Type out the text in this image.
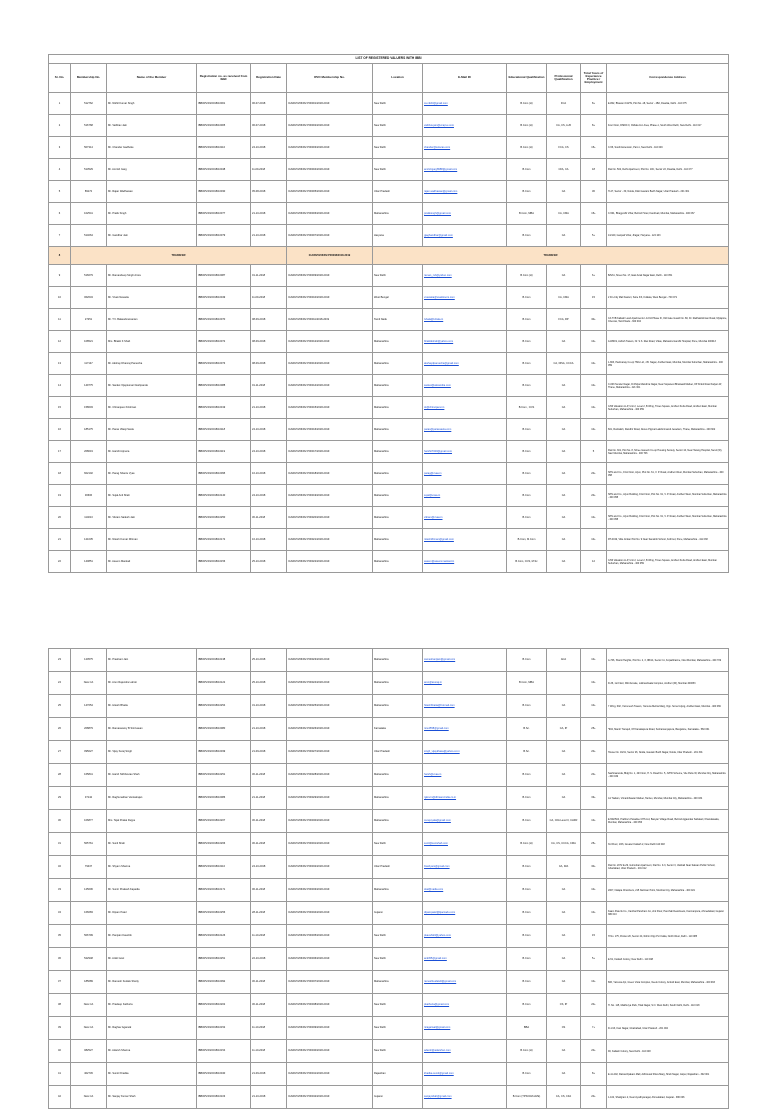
LIST OF REGISTERED VALUERS WITH IBBI											
Sr. No.	Membership No.	Name of the Member	Registration no. as received from IBBI	Registration Date	RVO Membership No.	Location	E-Mail ID	Educational Qualification	Professional Qualification	Total Years of Experience Practice / Employment	Correspondence Address
1	512762	Mr. Nikhil Kumar Singh	IBBI/RV/03/2018/10001	06-07-2018	ICAIRVO/06/RV-P00001/2018-2019	New Delhi	ca.nikhil@gmail.com	B.Com (H)	FCA	8+	E-802, Bhavani CGHS, Plot No.-18, Sector - 4B2, Dwarka, Delhi - 110 075
2	516768	Mr. Vaibhav Jain	IBBI/RV/03/2018/10005	06-07-2018	ICAIRVO/06/RV-P00002/2018-2019	New Delhi	vaibhav.jain@vcapvu.com	B.Com (H)	CA, CS, LLB	8+	Four Floor, DSIDC F, Okhala Ind. Area, Phase-1, South West Delhi, New Delhi - 110 017
3	507314	Mr. Chander Gadhoke	IBBI/RV/03/2018/10110	24-10-2018	ICAIRVO/06/RV-P00003/2018-2019	New Delhi	chander@sxiscas.com	B.Com (H)	FCA, CS	15+	C-56, South Extension, Part-1, New Delhi - 110 049
4	513529	Mr. Amrish Garg	IBBI/RV/03/2018/10048	11-09-2018	ICAIRVO/06/RV-P00004/2018-2019	New Delhi	amrishgarg8988@gmail.com	B.Com	CFA, CA	18	Flat No. 502, Delhi Apartment, Plot No. 10C, Sector 22, Dwarka, Delhi - 110 077
5	89172	Mr. Rajan Wadhawan	IBBI/RV/03/2018/10030	05-08-2018	ICAIRVO/06/RV-P00005/2018-2019	Uttar Pradesh	rajan.wadhawan@gmail.com	B.Com	CA	30	H-47, Sector - 30, Noida, Distt Gautam Budh Nagar, Uttar Pradesh - 201 301
6	102541	Mr. Pratik Singh	IBBI/RV/03/2018/10077	21-10-2018	ICAIRVO/06/RV-P00006/2018-2019	Maharashtra	pratiksingh@gmail.com	B.Com, MBA	CA, CMA	15+	C-501, Bhagyodhi Vihar, Behind Hotel, Kandivali, Mumbai, Maharashtra - 400 067
7	514064	Mr. Gandhar Jain	IBBI/RV/03/2018/10079	21-10-2018	ICAIRVO/06/RV-P00007/2018-2019	Haryana	gjaghandhar@gmail.com	B.Com	CA	5+	1/2120, Ganpati Vihar, Jhajjar, Haryana - 124 103
8	TRANSFER				ICAIRVO/06/RV-P00008/2018-2019	TRANSFER					
9	516679	Mr. Ramandeep Singh Arora	IBBI/RV/03/2018/10087	01-11-2018	ICAIRVO/06/RV-P00009/2018-2019	New Delhi	raman_rsb@yahoo.com	B.Com (H)	CA	6+	B/6/11, Street No. 17, East Azad Nagar East, Delhi - 110 051
10	062634	Mr. Vivek Newatia	IBBI/RV/03/2018/10049	11-09-2018	ICAIRVO/06/RV-P00010/2018-2019	West Bengal	vnewatia@vsadvisors.com	B.Com	CA, CMA	15	2 Fin-City Mall Kasturi, Suite 3/3, Kolkata, West Bengal - 700 071
11	27251	Mr. T.V. Balasubramanian	IBBI/RV/03/2018/10070	08-09-2018	ICAIRVO/06/RV-P00011/2018-2019	Tamil Nadu	tvbala@tvbala.in	B.Com	FCA, RP	30+	CA TVB Kailash Land Apartments I-G Fld Phase III, Old Gate Guard No. 80, Dr. Radhakrishnan Road, Mylapore, Chennai, Tamil Nadu - 600 004
12	108521	Mrs. Bhakti K Shah	IBBI/RV/03/2018/10072	08-09-2018	ICAIRVO/06/RV-P00012/2018-2019	Maharashtra	bhaktikshah@yahoo.com	B.Com	CA	10+	1A/8019, Ashish Towers, Nr. S.S. Rao Road, Vikas, Mahavira Gandhi Hospital, Pune, Mumbai 400013
13	117147	Mr. Akshay Dhanraj Pamecha	IBBI/RV/03/2018/10073	08-09-2018	ICAIRVO/06/RV-P00013/2018-2019	Maharashtra	akshaydpamecha@gmail.com	B.Com	CA, DISA, CCCA	10+	1-803, Padmanay Co-op HSG Ltd, J.B. Nagar, Andheri East, Mumbai, Mumbai Suburban, Maharashtra - 400 059
14	149775	Mr. Sanket Vijaykumar Deshpande	IBBI/RV/03/2018/10088	01-11-2018	ICAIRVO/06/RV-P00014/2018-2019	Maharashtra	sanket@akcaindia.com	B.Com	CA	10+	C-603 Sunder Nagar, D'Ahilya Mandirra Nagar, Near Sopanest Bhatwadi Market, Off Kirkol Road Kalyan W, Thane, Maharashtra - 421 301
15	158603	Mr. Chiranjeevi Krishnan	IBBI/RV/03/2018/10019	21-10-2018	ICAIRVO/06/RV-P00015/2018-2019	Maharashtra	ck@chiranjeevi.in	B.Com , CCS	CA	10+	C/96 Valuation LLP, Unit 2, Level 2, B Wing, Times Square, Andheri Kurla Road, Andheri East, Mumbai Suburban, Maharashtra - 400 059
16	185175	Mr. Paras Vilasji Savla	IBBI/RV/03/2018/10118	24-10-2018	ICAIRVO/06/RV-P00016/2018-2019	Maharashtra	paras@parassavla.com	B.Com	CA	10+	601, Rudraksh, Randhir Road, Above Pigmal Lakshminandi Jewellers, Thane, Maharashtra - 400 602
17	208019	Mr. Harshit Ajmera	IBBI/RV/03/2018/10119	24-10-2018	ICAIRVO/06/RV-P00017/2018-2019	Maharashtra	harshit7020@gmail.com	B.Com	CA	5	Flat No. 301, Plot No. 8, Shree Ganesh Co-op Housing Society, Sector 10, Near Tarang Hospital, Nerul (W), Navi Mumbai, Maharashtra - 400 706
18	602102	Mr. Parag Shantu Vyas	IBBI/RV/03/2018/10095	16-10-2018	ICAIRVO/06/RV-P00018/2018-2019	Maharashtra	parag@vvaa.in	B.Com	CA	20+	SPN and Co., First Floor, Arjun, Plot No. 61, V. P. Road, Andheri West, Mumbai Suburban, Maharashtra - 400 058
19	30606	Mr. Sujal Anil Shah	IBBI/RV/03/2018/10140	24-10-2018	ICAIRVO/06/RV-P00019/2018-2019	Maharashtra	sujal@vvaa.in	B.Com	CA	20+	SPN and Co., Arjun Building, First Floor, Plot No. 61, V. P. Road, Andheri West, Mumbai Suburban, Maharashtra - 400 058
20	114013	Mr. Vikram Sailesh Jain	IBBI/RV/03/2018/10250	30-11-2018	ICAIRVO/06/RV-P00020/2018-2019	Maharashtra	vikram@vvaa.in	B.Com	CA	10+	SPN and Co., Arjun Building, First Floor, Plot No. 61, V. P. Road, Andheri West, Mumbai Suburban, Maharashtra - 400 058
21	121035	Mr. Nitesh Kumar Dhiman	IBBI/RV/03/2018/10172	16-10-2018	ICAIRVO/06/RV-P00021/2018-2019	Maharashtra	niteshdhiman@gmail.com	B.Com, M.Com	CA	10+	RT-0019, Villa Jordan Plot No. 9 Near Sanskriti School, Kothrud, Pune, Maharashtra - 411 038
22	140851	Mr. Aseem Mankad	IBBI/RV/03/2018/10156	25-10-2018	ICAIRVO/06/RV-P00022/2018-2019	Maharashtra	aseem@aseemmankad.in	B.Com, CCS, M.Sc	CA	12	C/96 Valuation LLP, Unit 2, Level 2, B Wing, Times Square, Andheri Kurla Road, Andheri East, Mumbai Suburban, Maharashtra - 400 059
23	120575	Mr. Prashant Jain	IBBI/RV/03/2018/10138	25-10-2018	ICAIRVO/06/RV-P00023/2018-2019	Maharashtra	cameshantjain@gmail.com	B.Com	ACA	10+	A-706, Shanti Heights, Plot No. 2, 3, 9B/14, Sector 11, Koparkhairne, Navi Mumbai, Maharashtra - 400 709
24	New CA	Mr. Arun Rajendra Lahoti	IBBI/RV/03/2018/10122	25-10-2018	ICAIRVO/06/RV-P00024/2018-2019	Maharashtra	arun@arunaj.in	B.Com, MBA		10+	D-36, 1st Floor, Mitti Arcade, Lokhandwala Complex, Andheri (W), Mumbai 400053
25	147654	Mr. Hitesh Bhatia	IBBI/RV/03/2018/10254	31-10-2018	ICAIRVO/06/RV-P00025/2018-2019	Maharashtra	hiteshbhatia@hotmail.com	B.Com	CA	10+	7 Wing, 602, Yamunesh Towers, Yamuna Mehta Marg, Opp. Sona Udyog, Andheri East, Mumbai - 400 069
26	208879	Mr. Ramaswamy B Srinivasan	IBBI/RV/03/2018/10080	21-10-2018	ICAIRVO/06/RV-P00026/2018-2019	Karnataka	rsre4558@gmail.com	B.Sc.	CA, IP	25+	*902, Mantri Tranquil, Off Kanakapura Road, Subramanyapura, Bangalore, Karnataka - 560 061
27	095627	Mr. Vijay Suraj Singh	IBBI/RV/03/2018/10039	21-09-2018	ICAIRVO/06/RV-P00027/2018-2019	Uttar Pradesh	singh_vijaykhasa@yahoo.co.in	B.Sc.	CA	20+	House No. 19/41, Sector 26, Noida, Gautam Budh Nagar, Noida, Uttar Pradesh - 201 301
28	165841	Mr. Harsh Nirbhavrao Shah	IBBI/RV/03/2018/10251	30-11-2018	ICAIRVO/06/RV-P00028/2018-2019	Maharashtra	harsh@vvaa.in	B.Com	CA	20+	Sashinaranda, Bldg No. 1, 4th Floor, H. S. Road No. 5, JVPD Scheme, Vile Parle W, Mumbai City, Maharashtra - 400 049
29	37142	Mr. Raghunathan Venkatrajan	IBBI/RV/03/2018/10086	21-11-2018	ICAIRVO/06/RV-P00029/2018-2019	Maharashtra	rgknvm@dhrsancindia.co.in	B.Com	CA	33+	A1 Tiadam, Vimanbhawan Market, Tardeo, Mumbai, Mumbai City, Maharashtra - 400 034
30	106877	Mrs. Tejal Prakai Dujiya	IBBI/RV/03/2018/10207	30-11-2018	ICAIRVO/06/RV-P00030/2018-2019	Maharashtra	ca.tejoyala@gmail.com	B.Com	CA, CFA Level II, CHFR	10+	E-502/504, Prabhu's Paradise CHS Ltd, Banyan Village Road, Behind Ajgaonkar Sahakari, Khandawada, Mumbai, Maharashtra - 400 056
31	505761	Mr. Sunil Shah	IBBI/RV/03/2018/10266	30-11-2018	ICAIRVO/06/RV-P00031/2018-2019	New Delhi	sunil@sunishah.com	B.Com (H)	CA, CS, CCCA, CMA	25+	3rd Floor, 10/6, Greater Kailash 2, New Delhi 110 048
32	79437	Mr. Shyam Sharma	IBBI/RV/03/2018/10110	24-10-2018	ICAIRVO/06/RV-P00032/2018-2019	Uttar Pradesh	fcashyam@gmail.com	B.Com	CA, IRA	30+	Flat No. 2072 E-29, Gulmohar Apartment, Flat No. F-3, Sector 3, Vaishali Near Salwan Public School, Ghaziabad, Uttar Pradesh - 201 012
33	125606	Mr. Sumir Prakash Kapadia	IBBI/RV/03/2018/10171	06-11-2018	ICAIRVO/06/RV-P00033/2018-2019	Maharashtra	ckal@nadia.com	B.Com	CA	10+	2007, Nalapa Chambers, 215 Nariman Point, Mumbai City, Maharashtra - 400 021
34	166683	Mr. Dipam Patel	IBBI/RV/03/2018/10256	28-11-2018	ICAIRVO/06/RV-P00034/2018-2019	Gujarat	dipampatel@kjaccadu.com	B.Com	CA	10+	Kaam Patel & Co., Kanthal Pancham Co, 2nd Floor, Panchali Dewsheets, Kanmanpura, Ahmedabad, Gujarat 380 013
35	506799	Mr. Pamjain Kaushik	IBBI/RV/03/2018/10126	11-10-2018	ICAIRVO/06/RV-P00035/2018-2019	New Delhi	pkaushik3@yahoo.com	B.Com	CA	15	H No. 175, Pocket 20, Sector 24, Rohini Opp Pvr Kalka, North West, Delhi - 110 085
36	522948	Mr. Ankit Goel	IBBI/RV/03/2018/10251	22-10-2018	ICAIRVO/06/RV-P00036/2018-2019	New Delhi	ankit55@gmail.com	B.Com	CA	5+	E-51, Kailash Colony, New Delhi - 110 048
37	185689	Mr. Ramesh Kudalu Shetty	IBBI/RV/03/2018/10092	30-11-2018	ICAIRVO/06/RV-P00037/2018-2019	Maharashtra	rameshkudalu9@gmail.com	B.Com	CA	10+	806, Yamuna Apt, Green Vista Complex, Neelu Colony, Amboli East, Mumbai, Maharashtra - 400 093
38	New CA	Mr. Pradeep Kathuria	IBBI/RV/03/2018/10202	30-11-2018	ICAIRVO/06/RV-P00038/2018-2019	New Delhi	pkathuria@gmail.com	B.Com	CS, IP	20+	H. No. 115, Madhurya Park, Tilak Nagar, S.O. West Delhi, South Delhi, Delhi - 110 018
39	New CA	Mr. Raghav Agarwal	IBBI/RV/03/2018/10152	11-10-2018	ICAIRVO/06/RV-P00039/2018-2019	New Delhi	ricagarwal@gmail.com	BBA	CS	7+	D-1/13, Kavi Nagar, Ghaziabad, Uttar Pradesh - 201 002
40	082527	Mr. Adarsh Sharma	IBBI/RV/03/2018/10154	11-10-2018	ICAIRVO/06/RV-P00040/2018-2019	New Delhi	adarsh@adarshsc.com	B.Com (H)	CA	20+	90, Kailash Colony, New Delhi - 110 048
41	402745	Mr. Sumit Khadka	IBBI/RV/03/2018/10040	21-09-2018	ICAIRVO/06/RV-P00041/2018-2019	Rajasthan	khadka.sumit@gmail.com	B.Com	CA	8+	E-11-202, Ramanhpakam Mall, Adhinusal Shiva Marg, Shah Nagar, Jaipur, Rajasthan - 302 001
42	New CA	Mr. Sanjay Kumar Shah	IBBI/RV/03/2018/10103	21-10-2018	ICAIRVO/06/RV-P00042/2018-2019	Gujarat	sanjayshah@gmail.com	B.Com (TPS/ICM-IAVE)	CA, CS, CFA	20+	1-102, Shaligram 2, Near Ayodhyanagar, Ahmedabad, Gujarat - 380 006
